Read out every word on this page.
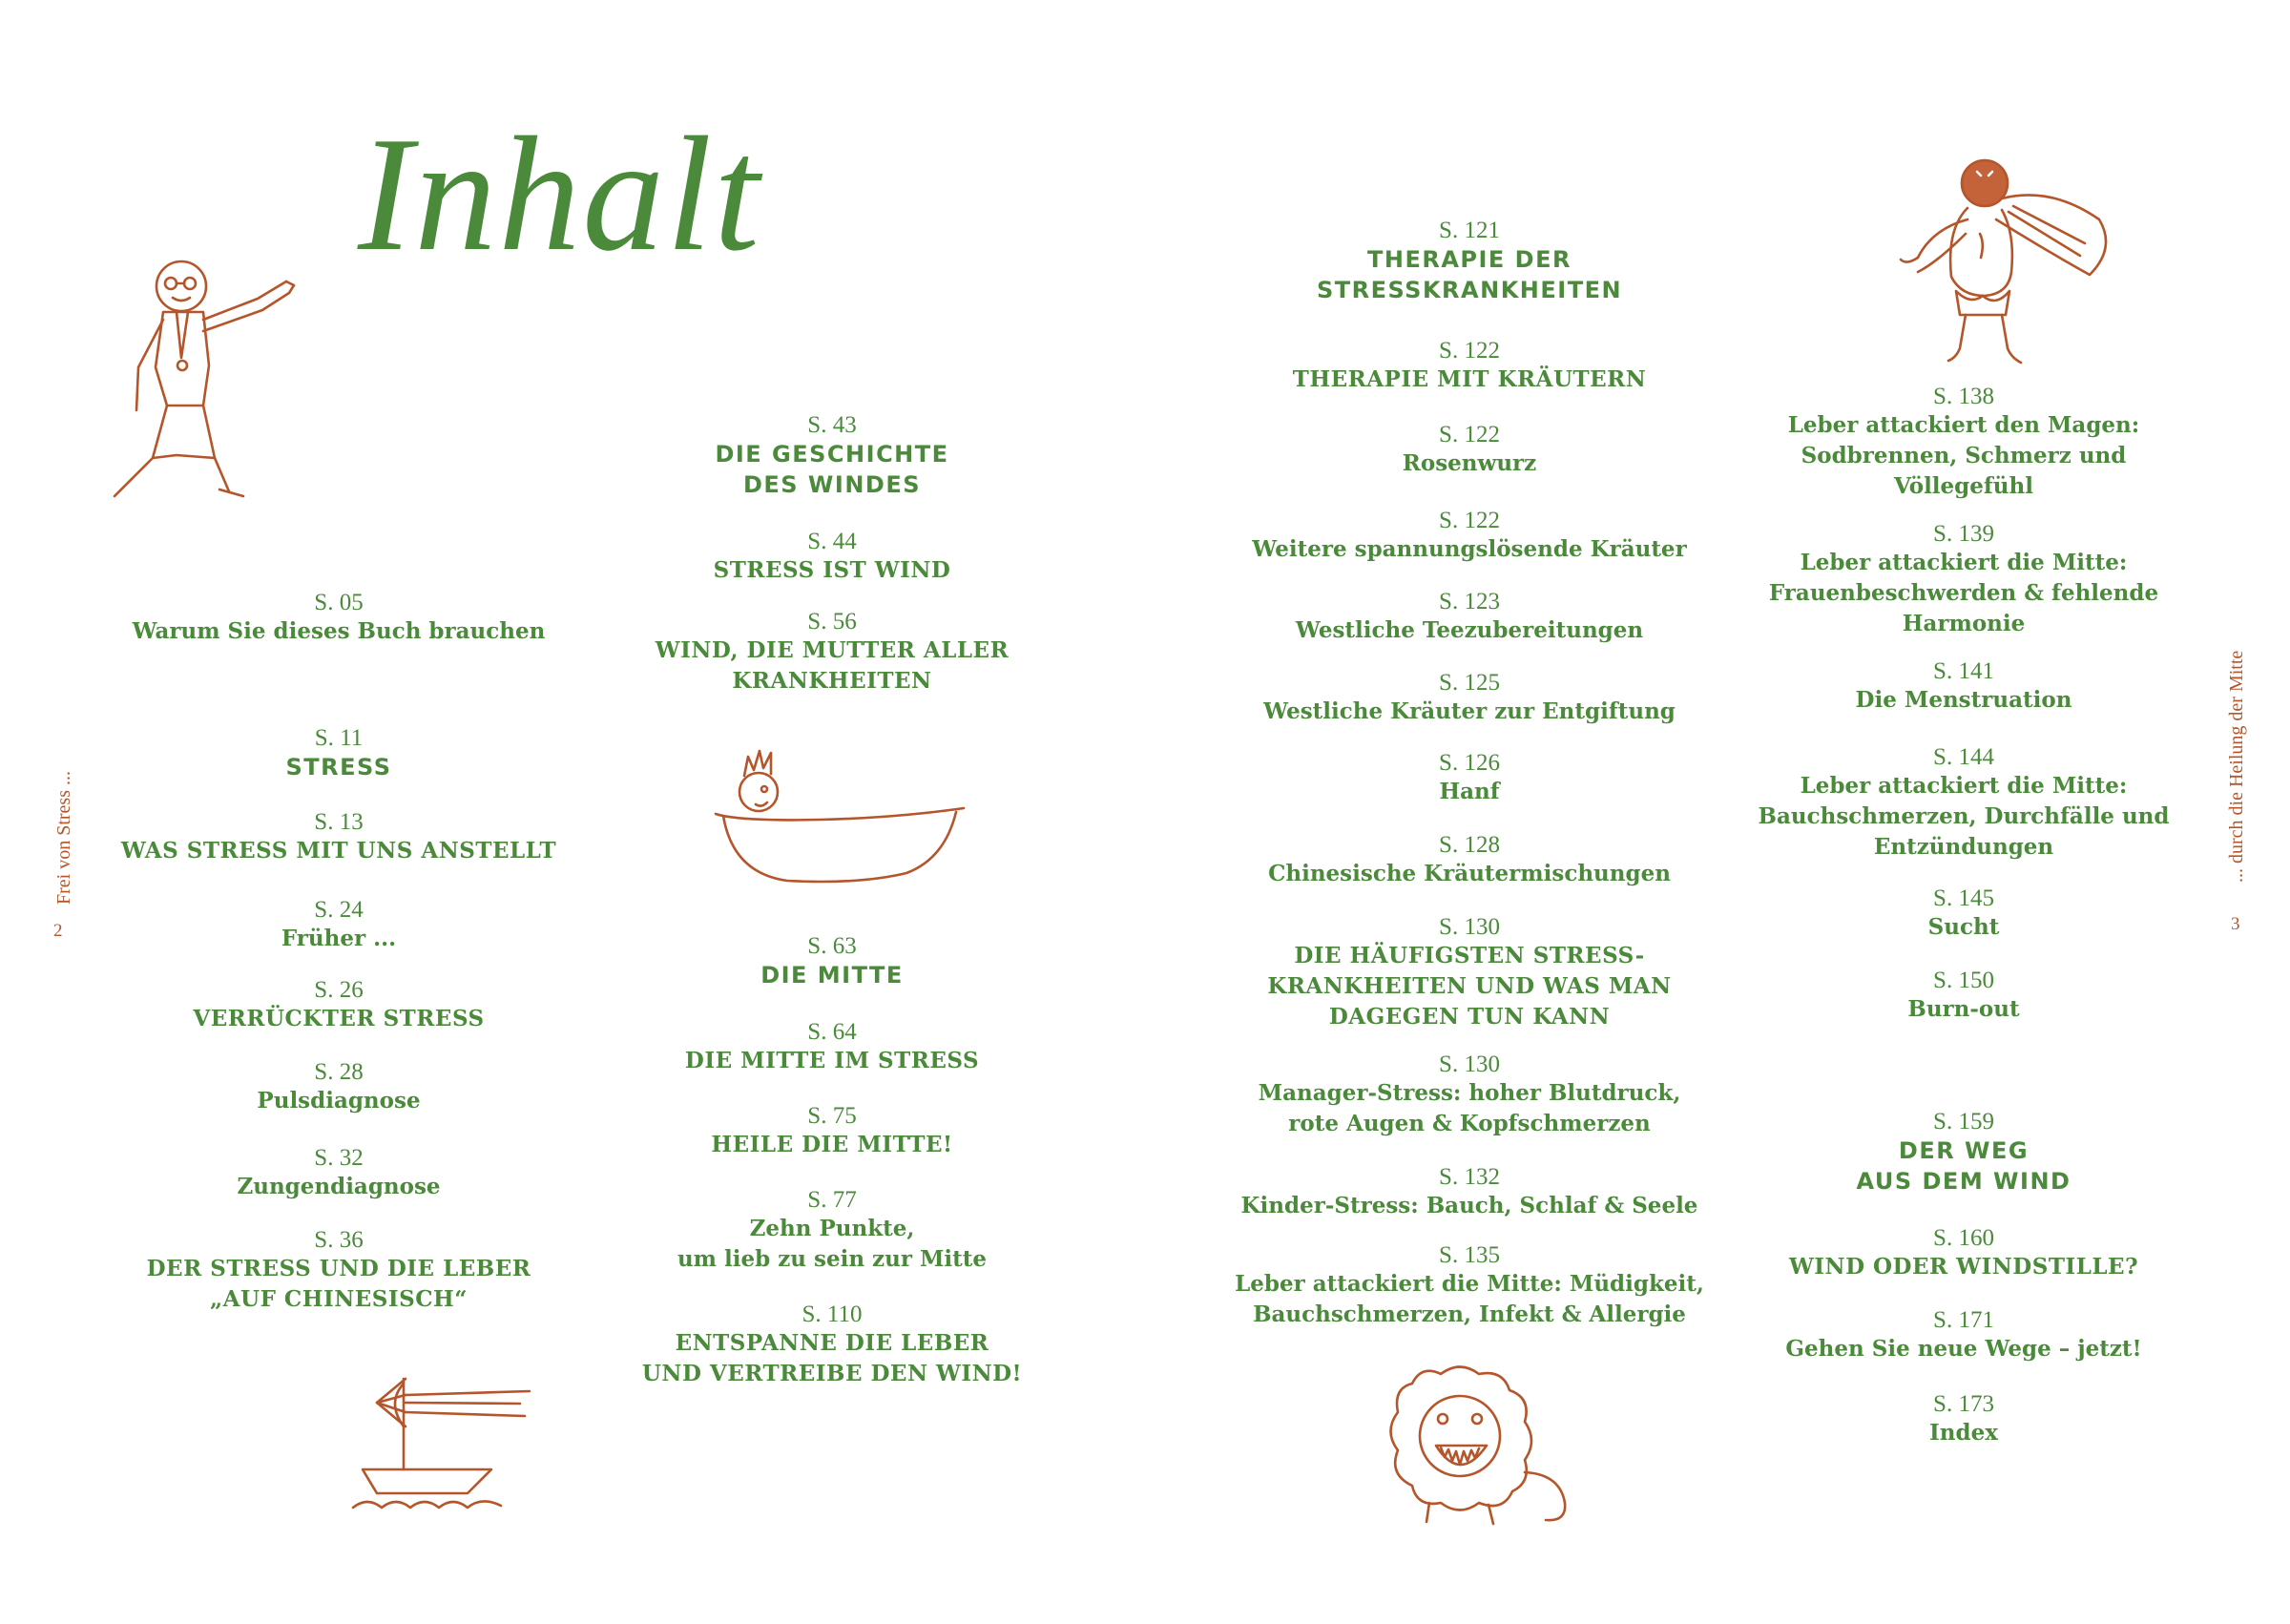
Inhalt
S. 05
Warum Sie dieses Buch brauchen
S. 11
STRESS
S. 13
WAS STRESS MIT UNS ANSTELLT
S. 24
Früher ...
S. 26
VERRÜCKTER STRESS
S. 28
Pulsdiagnose
S. 32
Zungendiagnose
S. 36
DER STRESS UND DIE LEBER
„AUF CHINESISCH“
S. 43
DIE GESCHICHTE
DES WINDES
S. 44
STRESS IST WIND
S. 56
WIND, DIE MUTTER ALLER
KRANKHEITEN
S. 63
DIE MITTE
S. 64
DIE MITTE IM STRESS
S. 75
HEILE DIE MITTE!
S. 77
Zehn Punkte,
um lieb zu sein zur Mitte
S. 110
ENTSPANNE DIE LEBER
UND VERTREIBE DEN WIND!
Frei von Stress ...
2
S. 121
THERAPIE DER
STRESSKRANKHEITEN
S. 122
THERAPIE MIT KRÄUTERN
S. 122
Rosenwurz
S. 122
Weitere spannungslösende Kräuter
S. 123
Westliche Teezubereitungen
S. 125
Westliche Kräuter zur Entgiftung
S. 126
Hanf
S. 128
Chinesische Kräutermischungen
S. 130
DIE HÄUFIGSTEN STRESS-
KRANKHEITEN UND WAS MAN
DAGEGEN TUN KANN
S. 130
Manager-Stress: hoher Blutdruck,
rote Augen & Kopfschmerzen
S. 132
Kinder-Stress: Bauch, Schlaf & Seele
S. 135
Leber attackiert die Mitte: Müdigkeit,
Bauchschmerzen, Infekt & Allergie
S. 138
Leber attackiert den Magen:
Sodbrennen, Schmerz und
Völlegefühl
S. 139
Leber attackiert die Mitte:
Frauenbeschwerden & fehlende
Harmonie
S. 141
Die Menstruation
S. 144
Leber attackiert die Mitte:
Bauchschmerzen, Durchfälle und
Entzündungen
S. 145
Sucht
S. 150
Burn-out
S. 159
DER WEG
AUS DEM WIND
S. 160
WIND ODER WINDSTILLE?
S. 171
Gehen Sie neue Wege – jetzt!
S. 173
Index
... durch die Heilung der Mitte
3
